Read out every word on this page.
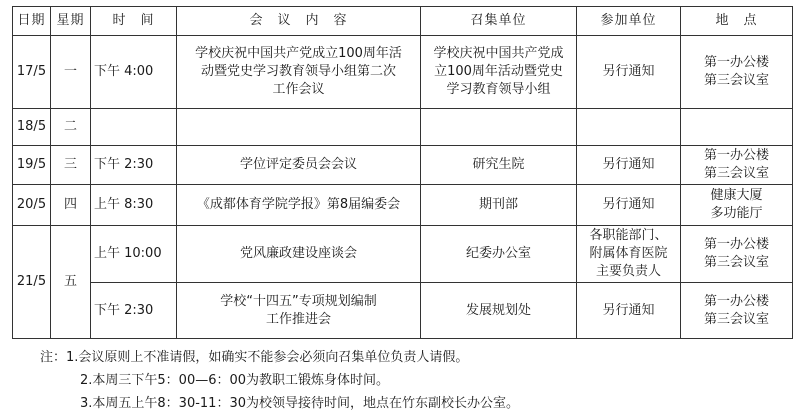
日期	星期	时　间	会　议　内　容	召集单位	参加单位	地　点
17/5	一	下午 4:00	学校庆祝中国共产党成立100周年活
动暨党史学习教育领导小组第二次
工作会议	学校庆祝中国共产党成
立100周年活动暨党史
学习教育领导小组	另行通知	第一办公楼
第三会议室
18/5	二					
19/5	三	下午 2:30	学位评定委员会会议	研究生院	另行通知	第一办公楼
第三会议室
20/5	四	上午 8:30	《成都体育学院学报》第8届编委会	期刊部	另行通知	健康大厦
多功能厅
21/5	五	上午 10:00	党风廉政建设座谈会	纪委办公室	各职能部门、
附属体育医院
主要负责人	第一办公楼
第三会议室
		下午 2:30	学校“十四五”专项规划编制
工作推进会	发展规划处	另行通知	第一办公楼
第三会议室
注：1.会议原则上不准请假，如确实不能参会必须向召集单位负责人请假。
2.本周三下午5：00—6：00为教职工锻炼身体时间。
3.本周五上午8：30-11：30为校领导接待时间，地点在竹东副校长办公室。
